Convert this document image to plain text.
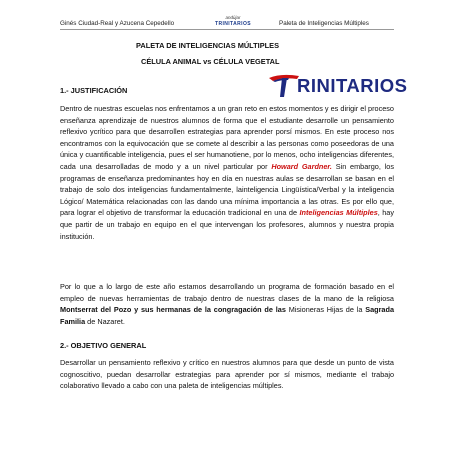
Ginés Ciudad-Real y Azucena Cepedello
andújar
TRINITARIOS	Paleta de Inteligencias Múltiples
PALETA DE INTELIGENCIAS MÚLTIPLES
CÉLULA ANIMAL vs CÉLULA VEGETAL
RINITARIOS
1.- JUSTIFICACIÓN
Dentro de nuestras escuelas nos enfrentamos a un gran reto en estos momentos y es dirigir el proceso enseñanza aprendizaje de nuestros alumnos de forma que el estudiante desarrolle un pensamiento reflexivo ycrítico para que desarrollen estrategias para aprender porsí mismos. En este proceso nos encontramos con la equivocación que se comete al describir a las personas como poseedoras de una única y cuantificable inteligencia, pues el ser humanotiene, por lo menos, ocho inteligencias diferentes, cada una desarrolladas de modo y a un nivel particular por Howard Gardner. Sin embargo, los programas de enseñanza predominantes hoy en día en nuestras aulas se desarrollan se basan en el trabajo de solo dos inteligencias fundamentalmente, lainteligencia Lingüística/Verbal y la inteligencia Lógico/ Matemática relacionadas con las dando una mínima importancia a las otras. Es por ello que, para lograr el objetivo de transformar la educación tradicional en una de Inteligencias Múltiples, hay que partir de un trabajo en equipo en el que intervengan los profesores, alumnos y nuestra propia institución.
Por lo que a lo largo de este año estamos desarrollando un programa de formación basado en el empleo de nuevas herramientas de trabajo dentro de nuestras clases de la mano de la religiosa Montserrat del Pozo y sus hermanas de la congragación de las Misioneras Hijas de la Sagrada Familia de Nazaret.
2.- OBJETIVO GENERAL
Desarrollar un pensamiento reflexivo y crítico en nuestros alumnos para que desde un punto de vista cognoscitivo, puedan desarrollar estrategias para aprender por sí mismos, mediante el trabajo colaborativo llevado a cabo con una paleta de inteligencias múltiples.
